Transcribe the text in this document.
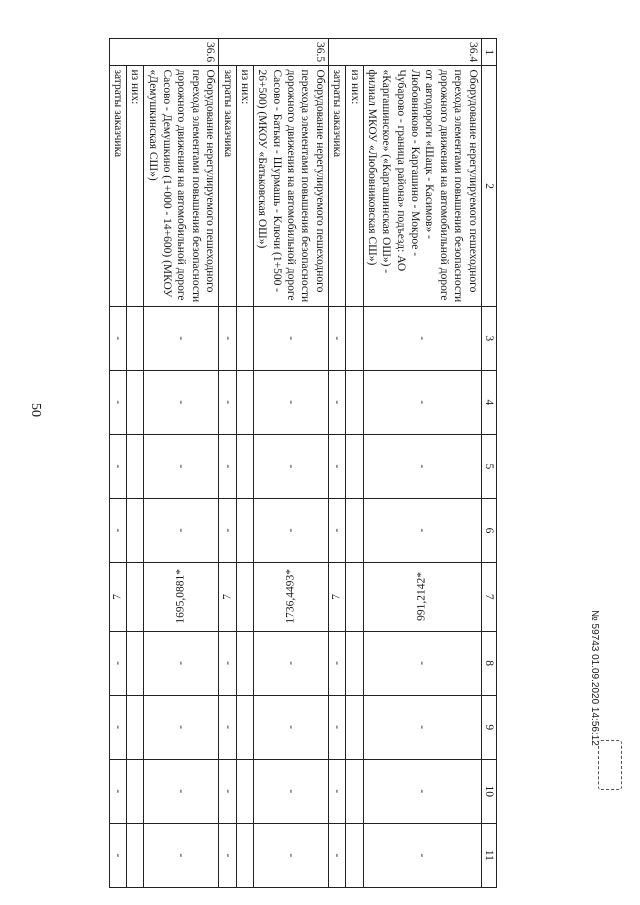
50
1	2	3	4	5	6	7	8	9	10	11
36.4	Оборудование нерегулируемого пешеходного перехода элементами повышения безопасности дорожного движения на автомобильной дороге от автодороги «Шацк - Касимов» - Любовниково - Каргашино - Мокрое - Чубарово - граница района» подъезд: АО «Каргашинское» («Каргашинская ОШ») - филиал МКОУ «Любовниковская СШ»)	-	-	-	-	991,2142*	-	-	-	-
	из них:									
	затраты заказчика	-	-	-	-	7	-	-	-	-
36.5	Оборудование нерегулируемого пешеходного перехода элементами повышения безопасности дорожного движения на автомобильной дороге Сасово - Батьки - Шурмашь - Ключи (1+500 - 26+500) (МКОУ «Батьковская ОШ»)	-	-	-	-	1736,4493*	-	-	-	-
	из них:									
	затраты заказчика	-	-	-	-	7	-	-	-	-
36.6	Оборудование нерегулируемого пешеходного перехода элементами повышения безопасности дорожного движения на автомобильной дороге Сасово - Демушкино (1+000 - 14+600) (МКОУ «Демушкинская СШ»)	-	-	-	-	1695,0881*	-	-	-	-
	из них:									
	затраты заказчика	-	-	-	-	7	-	-	-	-
№ 59743 01.09.2020 14:56:12
